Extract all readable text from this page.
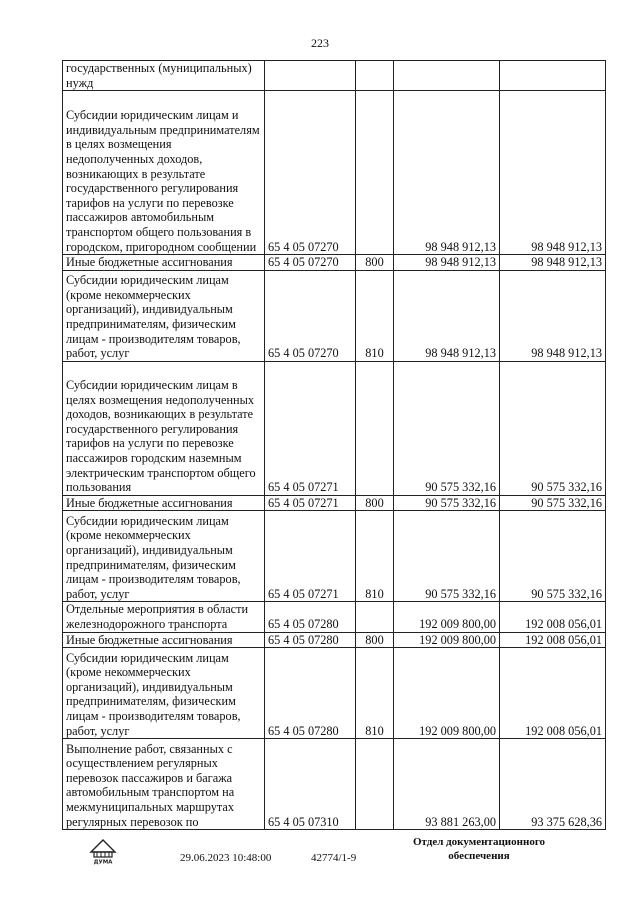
223
государственных (муниципальных) нужд				
Субсидии юридическим лицам и индивидуальным предпринимателям в целях возмещения недополученных доходов, возникающих в результате государственного регулирования тарифов на услуги по перевозке пассажиров автомобильным транспортом общего пользования в городском, пригородном сообщении	65 4 05 07270		98 948 912,13	98 948 912,13
Иные бюджетные ассигнования	65 4 05 07270	800	98 948 912,13	98 948 912,13
Субсидии юридическим лицам (кроме некоммерческих организаций), индивидуальным предпринимателям, физическим лицам - производителям товаров, работ, услуг	65 4 05 07270	810	98 948 912,13	98 948 912,13
Субсидии юридическим лицам в целях возмещения недополученных доходов, возникающих в результате государственного регулирования тарифов на услуги по перевозке пассажиров городским наземным электрическим транспортом общего пользования	65 4 05 07271		90 575 332,16	90 575 332,16
Иные бюджетные ассигнования	65 4 05 07271	800	90 575 332,16	90 575 332,16
Субсидии юридическим лицам (кроме некоммерческих организаций), индивидуальным предпринимателям, физическим лицам - производителям товаров, работ, услуг	65 4 05 07271	810	90 575 332,16	90 575 332,16
Отдельные мероприятия в области железнодорожного транспорта	65 4 05 07280		192 009 800,00	192 008 056,01
Иные бюджетные ассигнования	65 4 05 07280	800	192 009 800,00	192 008 056,01
Субсидии юридическим лицам (кроме некоммерческих организаций), индивидуальным предпринимателям, физическим лицам - производителям товаров, работ, услуг	65 4 05 07280	810	192 009 800,00	192 008 056,01
Выполнение работ, связанных с осуществлением регулярных перевозок пассажиров и багажа автомобильным транспортом на межмуниципальных маршрутах регулярных перевозок по	65 4 05 07310		93 881 263,00	93 375 628,36
ДУМА	29.06.2023 10:48:00	42774/1-9
Отдел документационного
обеспечения
